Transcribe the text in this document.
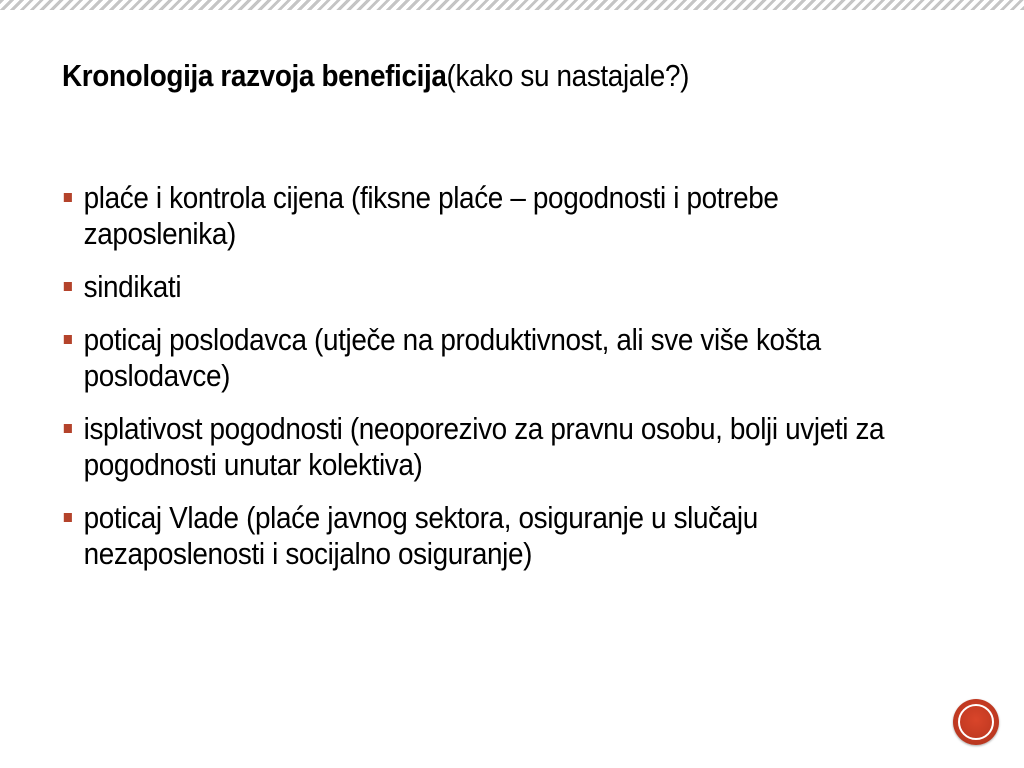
Kronologija razvoja beneficija(kako su nastajale?)
plaće i kontrola cijena (fiksne plaće – pogodnosti i potrebe zaposlenika)
sindikati
poticaj poslodavca (utječe na produktivnost, ali sve više košta poslodavce)
isplativost pogodnosti (neoporezivo za pravnu osobu, bolji uvjeti za pogodnosti unutar kolektiva)
poticaj Vlade (plaće javnog sektora, osiguranje u slučaju nezaposlenosti i socijalno osiguranje)
